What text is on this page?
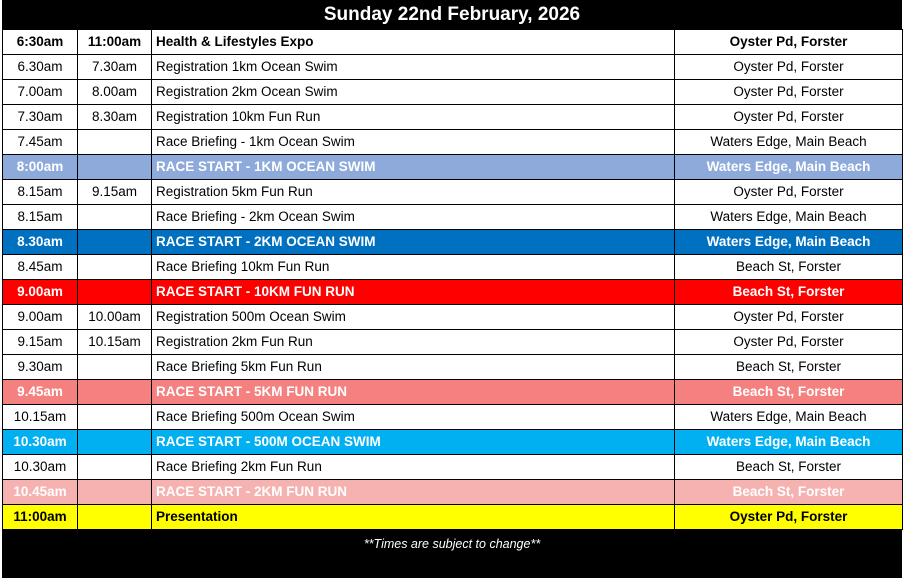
Sunday 22nd February, 2026
6:30am	11:00am	Health & Lifestyles Expo	Oyster Pd, Forster
6.30am	7.30am	Registration 1km Ocean Swim	Oyster Pd, Forster
7.00am	8.00am	Registration 2km Ocean Swim	Oyster Pd, Forster
7.30am	8.30am	Registration 10km Fun Run	Oyster Pd, Forster
7.45am		Race Briefing - 1km Ocean Swim	Waters Edge, Main Beach
8:00am		RACE START - 1KM OCEAN SWIM	Waters Edge, Main Beach
8.15am	9.15am	Registration 5km Fun Run	Oyster Pd, Forster
8.15am		Race Briefing - 2km Ocean Swim	Waters Edge, Main Beach
8.30am		RACE START - 2KM OCEAN SWIM	Waters Edge, Main Beach
8.45am		Race Briefing 10km Fun Run	Beach St, Forster
9.00am		RACE START - 10KM FUN RUN	Beach St, Forster
9.00am	10.00am	Registration 500m Ocean Swim	Oyster Pd, Forster
9.15am	10.15am	Registration 2km Fun Run	Oyster Pd, Forster
9.30am		Race Briefing 5km Fun Run	Beach St, Forster
9.45am		RACE START - 5KM FUN RUN	Beach St, Forster
10.15am		Race Briefing 500m Ocean Swim	Waters Edge, Main Beach
10.30am		RACE START - 500M OCEAN SWIM	Waters Edge, Main Beach
10.30am		Race Briefing 2km Fun Run	Beach St, Forster
10.45am		RACE START - 2KM FUN RUN	Beach St, Forster
11:00am		Presentation	Oyster Pd, Forster
**Times are subject to change**
